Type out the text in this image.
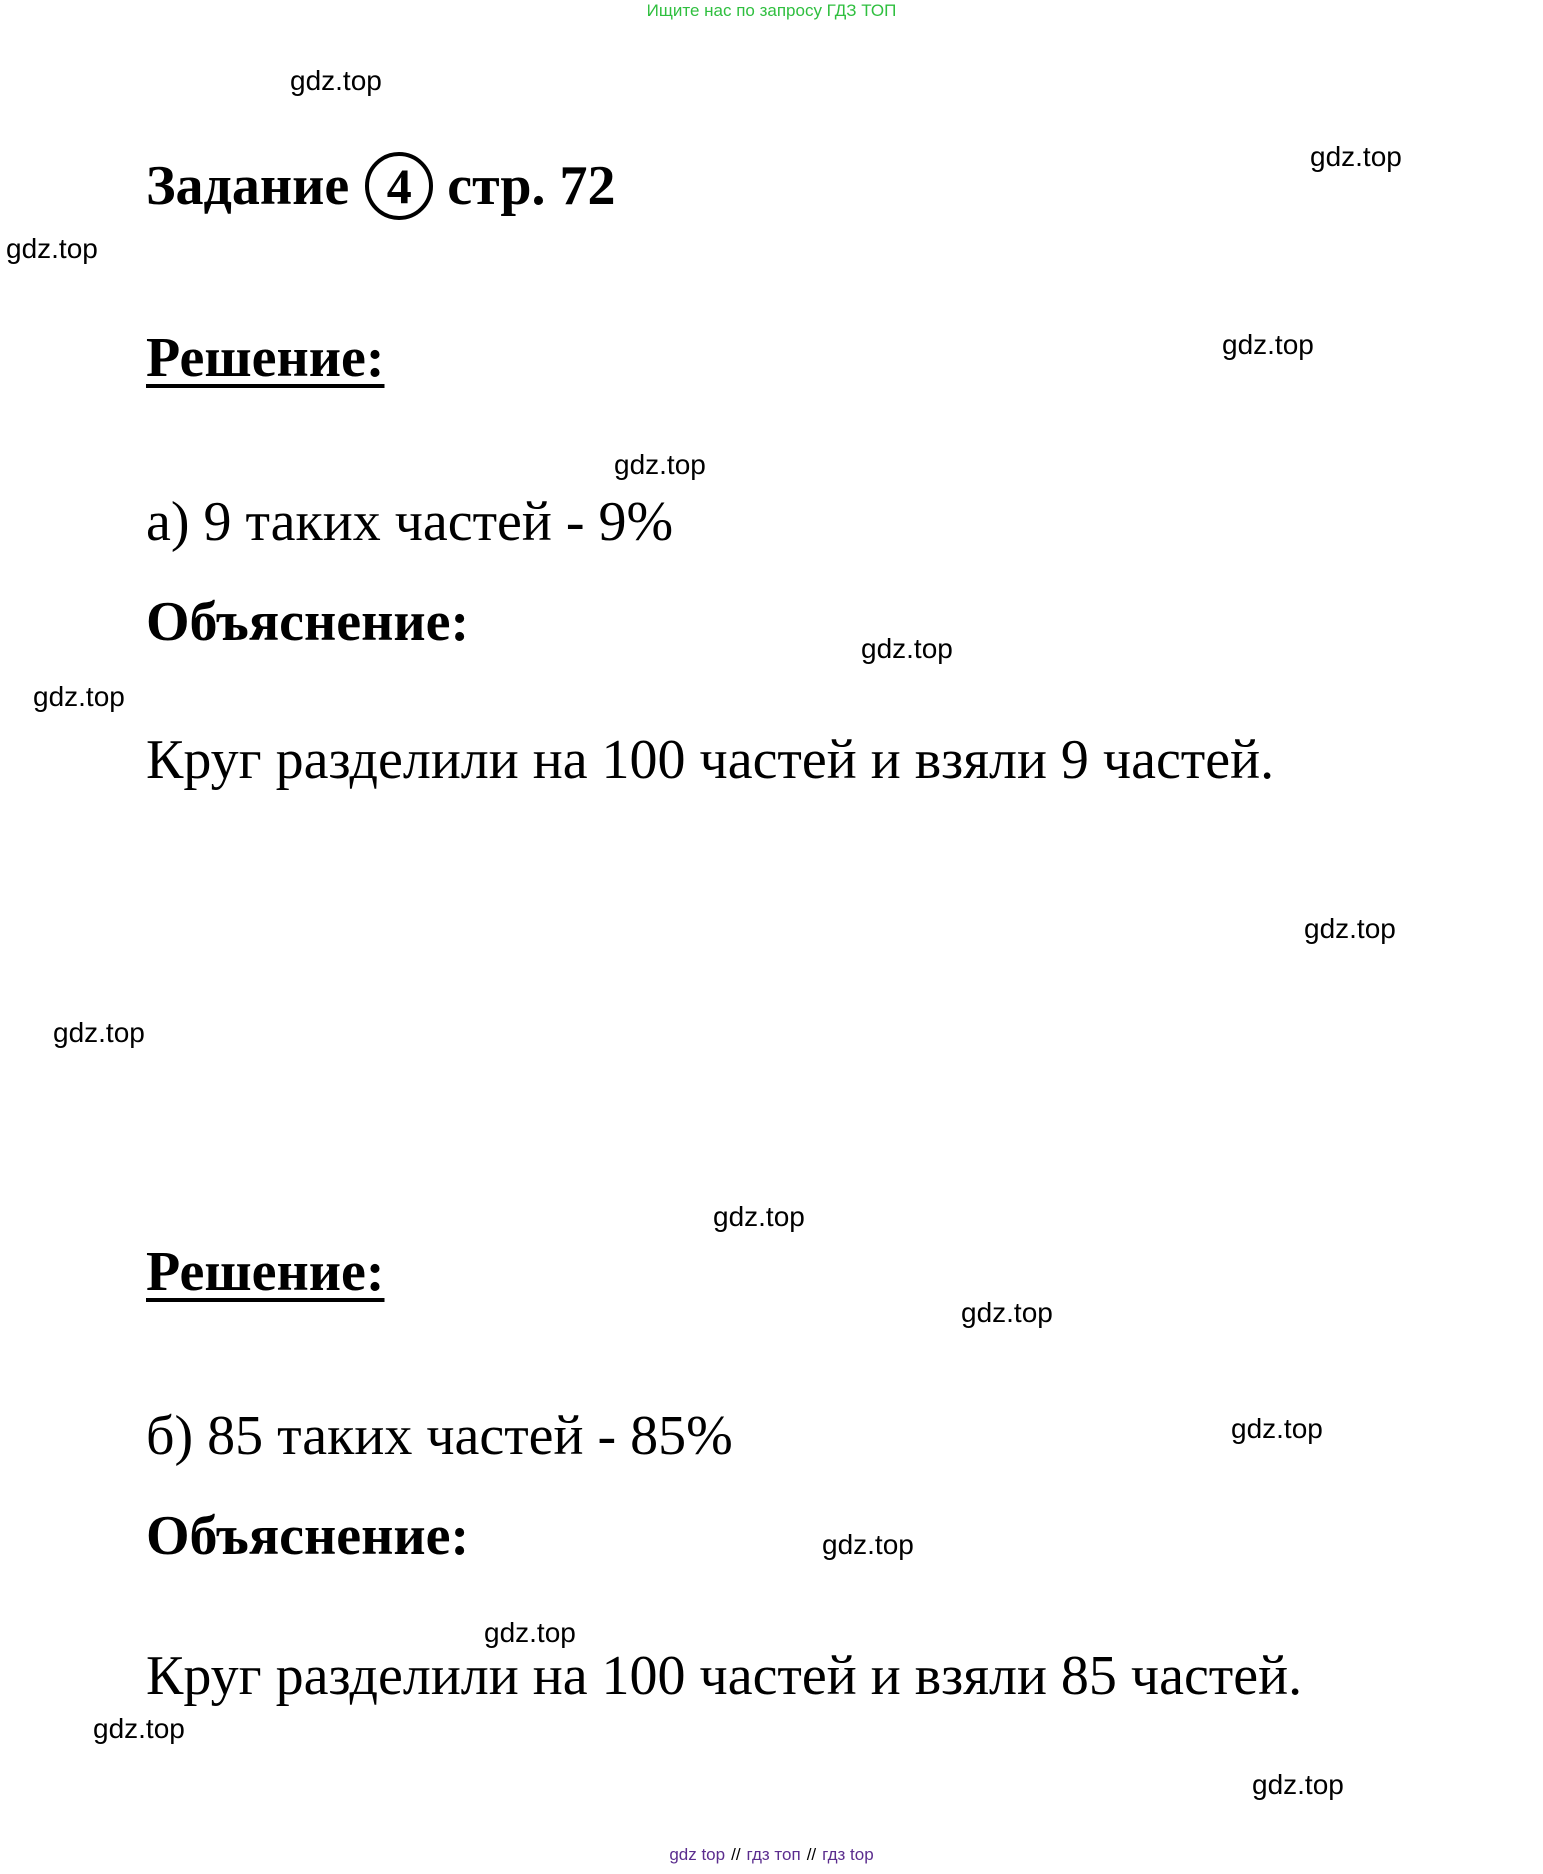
Ищите нас по запросу ГДЗ ТОП
gdz.top
gdz.top
gdz.top
gdz.top
gdz.top
gdz.top
gdz.top
gdz.top
gdz.top
gdz.top
gdz.top
gdz.top
gdz.top
gdz.top
gdz.top
gdz.top
Задание 4 стр. 72
Решение:
а) 9 таких частей - 9%
Объяснение:
Круг разделили на 100 частей и взяли 9 частей.
Решение:
б) 85 таких частей - 85%
Объяснение:
Круг разделили на 100 частей и взяли 85 частей.
gdz top // гдз топ // гдз top
